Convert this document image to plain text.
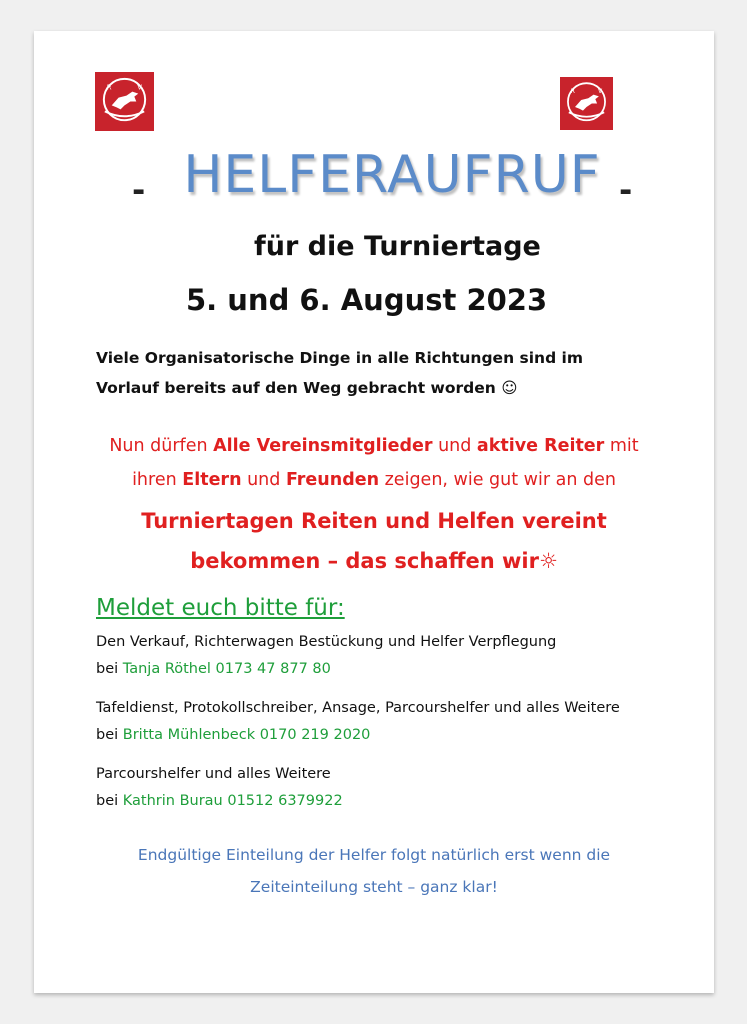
R	V	R	V
- HELFERAUFRUF -
für die Turniertage
5. und 6. August 2023
Viele Organisatorische Dinge in alle Richtungen sind im
Vorlauf bereits auf den Weg gebracht worden ☺
Nun dürfen Alle Vereinsmitglieder und aktive Reiter mit
ihren Eltern und Freunden zeigen, wie gut wir an den
Turniertagen Reiten und Helfen vereint
bekommen – das schaffen wir☼
Meldet euch bitte für:
Den Verkauf, Richterwagen Bestückung und Helfer Verpflegung
bei Tanja Röthel 0173 47 877 80
Tafeldienst, Protokollschreiber, Ansage, Parcourshelfer und alles Weitere
bei Britta Mühlenbeck 0170 219 2020
Parcourshelfer und alles Weitere
bei Kathrin Burau 01512 6379922
Endgültige Einteilung der Helfer folgt natürlich erst wenn die
Zeiteinteilung steht – ganz klar!
